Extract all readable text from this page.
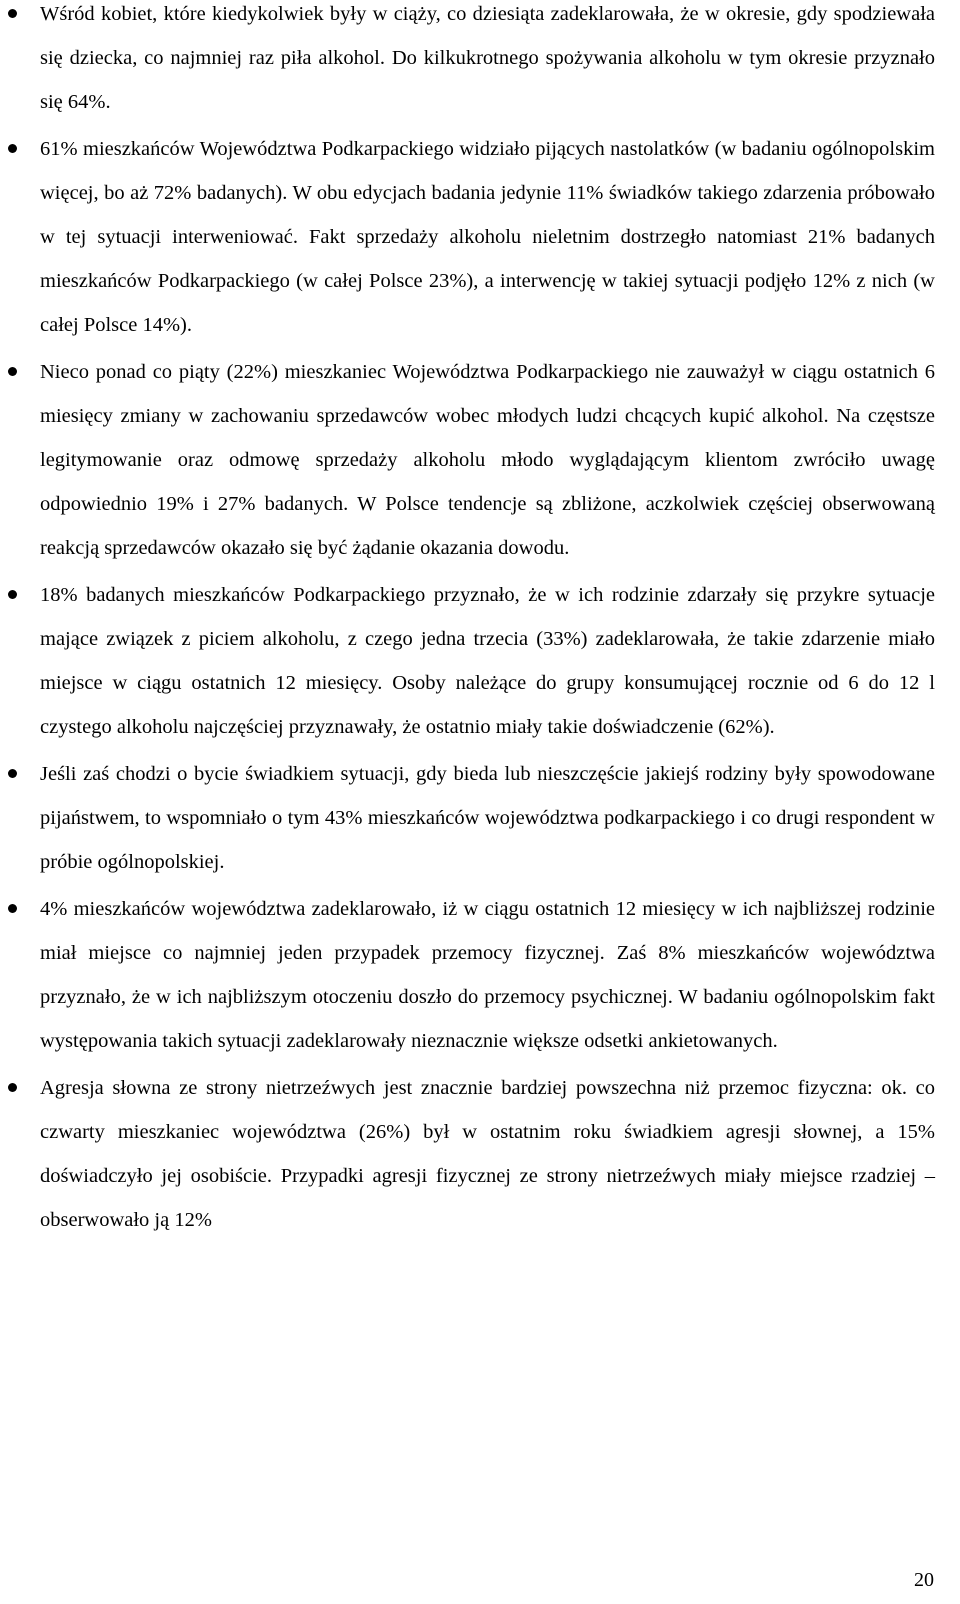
Wśród kobiet, które kiedykolwiek były w ciąży, co dziesiąta zadeklarowała, że w okresie, gdy spodziewała się dziecka, co najmniej raz piła alkohol. Do kilkukrotnego spożywania alkoholu w tym okresie przyznało się 64%.
61% mieszkańców Województwa Podkarpackiego widziało pijących nastolatków (w badaniu ogólnopolskim więcej, bo aż 72% badanych). W obu edycjach badania jedynie 11% świadków takiego zdarzenia próbowało w tej sytuacji interweniować. Fakt sprzedaży alkoholu nieletnim dostrzegło natomiast 21% badanych mieszkańców Podkarpackiego (w całej Polsce 23%), a interwencję w takiej sytuacji podjęło 12% z nich (w całej Polsce 14%).
Nieco ponad co piąty (22%) mieszkaniec Województwa Podkarpackiego nie zauważył w ciągu ostatnich 6 miesięcy zmiany w zachowaniu sprzedawców wobec młodych ludzi chcących kupić alkohol. Na częstsze legitymowanie oraz odmowę sprzedaży alkoholu młodo wyglądającym klientom zwróciło uwagę odpowiednio 19% i 27% badanych. W Polsce tendencje są zbliżone, aczkolwiek częściej obserwowaną reakcją sprzedawców okazało się być żądanie okazania dowodu.
18% badanych mieszkańców Podkarpackiego przyznało, że w ich rodzinie zdarzały się przykre sytuacje mające związek z piciem alkoholu, z czego jedna trzecia (33%) zadeklarowała, że takie zdarzenie miało miejsce w ciągu ostatnich 12 miesięcy. Osoby należące do grupy konsumującej rocznie od 6 do 12 l czystego alkoholu najczęściej przyznawały, że ostatnio miały takie doświadczenie (62%).
Jeśli zaś chodzi o bycie świadkiem sytuacji, gdy bieda lub nieszczęście jakiejś rodziny były spowodowane pijaństwem, to wspomniało o tym 43% mieszkańców województwa podkarpackiego i co drugi respondent w próbie ogólnopolskiej.
4% mieszkańców województwa zadeklarowało, iż w ciągu ostatnich 12 miesięcy w ich najbliższej rodzinie miał miejsce co najmniej jeden przypadek przemocy fizycznej. Zaś 8% mieszkańców województwa przyznało, że w ich najbliższym otoczeniu doszło do przemocy psychicznej. W badaniu ogólnopolskim fakt występowania takich sytuacji zadeklarowały nieznacznie większe odsetki ankietowanych.
Agresja słowna ze strony nietrzeźwych jest znacznie bardziej powszechna niż przemoc fizyczna: ok. co czwarty mieszkaniec województwa (26%) był w ostatnim roku świadkiem agresji słownej, a 15% doświadczyło jej osobiście. Przypadki agresji fizycznej ze strony nietrzeźwych miały miejsce rzadziej – obserwowało ją 12%
20
